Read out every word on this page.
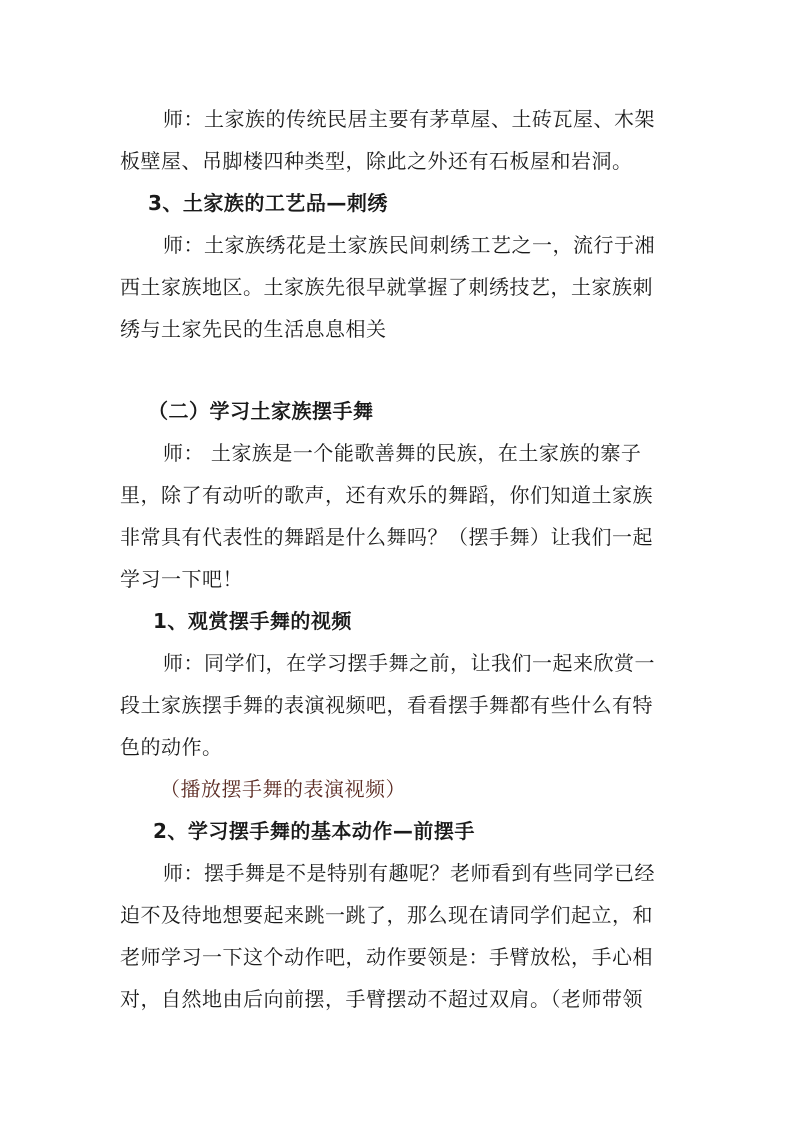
师：土家族的传统民居主要有茅草屋、土砖瓦屋、木架
板壁屋、吊脚楼四种类型，除此之外还有石板屋和岩洞。
3、土家族的工艺品—刺绣
师：土家族绣花是土家族民间刺绣工艺之一，流行于湘
西土家族地区。土家族先很早就掌握了刺绣技艺，土家族刺
绣与土家先民的生活息息相关
（二）学习土家族摆手舞
师： 土家族是一个能歌善舞的民族，在土家族的寨子
里，除了有动听的歌声，还有欢乐的舞蹈，你们知道土家族
非常具有代表性的舞蹈是什么舞吗？（摆手舞）让我们一起
学习一下吧！
1、观赏摆手舞的视频
师：同学们，在学习摆手舞之前，让我们一起来欣赏一
段土家族摆手舞的表演视频吧，看看摆手舞都有些什么有特
色的动作。
（播放摆手舞的表演视频）
2、学习摆手舞的基本动作—前摆手
师：摆手舞是不是特别有趣呢？老师看到有些同学已经
迫不及待地想要起来跳一跳了，那么现在请同学们起立，和
老师学习一下这个动作吧，动作要领是：手臂放松，手心相
对，自然地由后向前摆，手臂摆动不超过双肩。（老师带领
